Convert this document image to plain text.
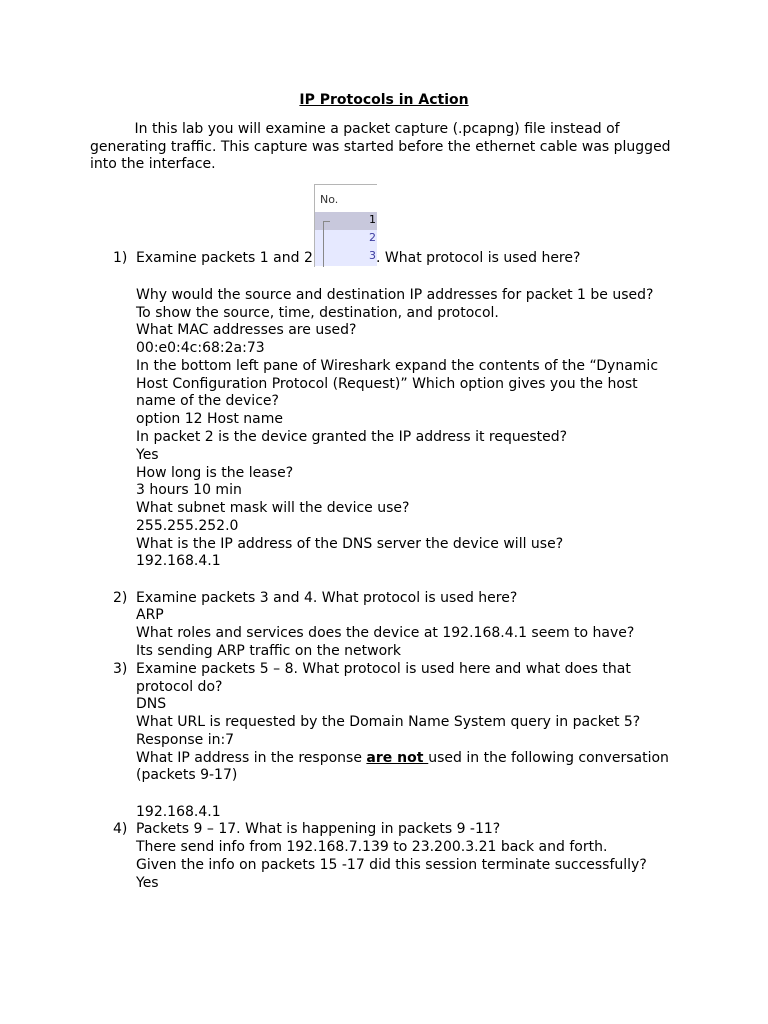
IP Protocols in Action
In this lab you will examine a packet capture (.pcapng) file instead of
generating traffic. This capture was started before the ethernet cable was plugged
into the interface.
No.
1
2
3
1) Examine packets 1 and 2	. What protocol is used here?
Why would the source and destination IP addresses for packet 1 be used?
To show the source, time, destination, and protocol.
What MAC addresses are used?
00:e0:4c:68:2a:73
In the bottom left pane of Wireshark expand the contents of the “Dynamic
Host Configuration Protocol (Request)” Which option gives you the host
name of the device?
option 12 Host name
In packet 2 is the device granted the IP address it requested?
Yes
How long is the lease?
3 hours 10 min
What subnet mask will the device use?
255.255.252.0
What is the IP address of the DNS server the device will use?
192.168.4.1
2) Examine packets 3 and 4. What protocol is used here?
ARP
What roles and services does the device at 192.168.4.1 seem to have?
Its sending ARP traffic on the network
3) Examine packets 5 – 8. What protocol is used here and what does that
protocol do?
DNS
What URL is requested by the Domain Name System query in packet 5?
Response in:7
What IP address in the response are not used in the following conversation
(packets 9-17)
192.168.4.1
4) Packets 9 – 17. What is happening in packets 9 -11?
There send info from 192.168.7.139 to 23.200.3.21 back and forth.
Given the info on packets 15 -17 did this session terminate successfully?
Yes
